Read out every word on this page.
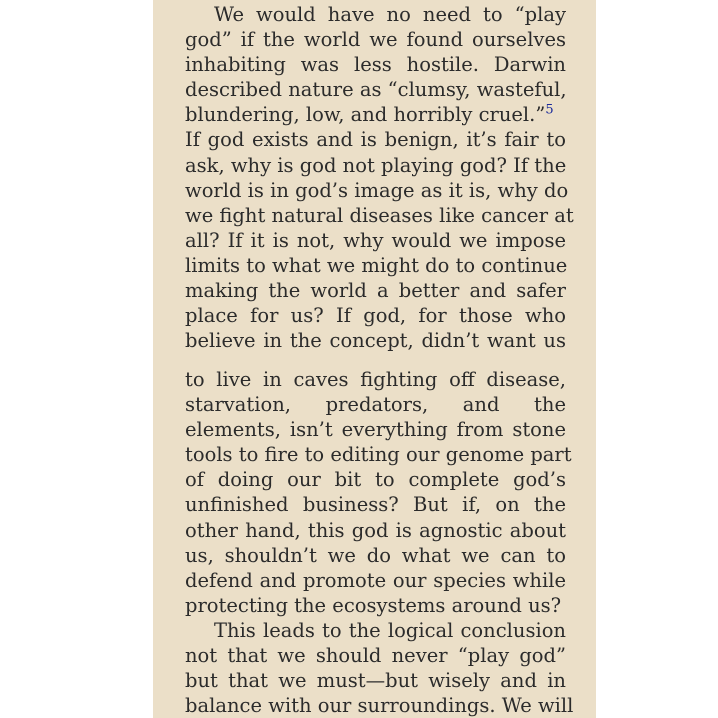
We would have no need to “play
god” if the world we found ourselves
inhabiting was less hostile. Darwin
described nature as “clumsy, wasteful,
blundering, low, and horribly cruel.”$^5$
If god exists and is benign, it’s fair to
ask, why is god not playing god? If the
world is in god’s image as it is, why do
we fight natural diseases like cancer at
all? If it is not, why would we impose
limits to what we might do to continue
making the world a better and safer
place for us? If god, for those who
believe in the concept, didn’t want us
to live in caves fighting off disease,
starvation, predators, and the
elements, isn’t everything from stone
tools to fire to editing our genome part
of doing our bit to complete god’s
unfinished business? But if, on the
other hand, this god is agnostic about
us, shouldn’t we do what we can to
defend and promote our species while
protecting the ecosystems around us?
This leads to the logical conclusion
not that we should never “play god”
but that we must—but wisely and in
balance with our surroundings. We will
